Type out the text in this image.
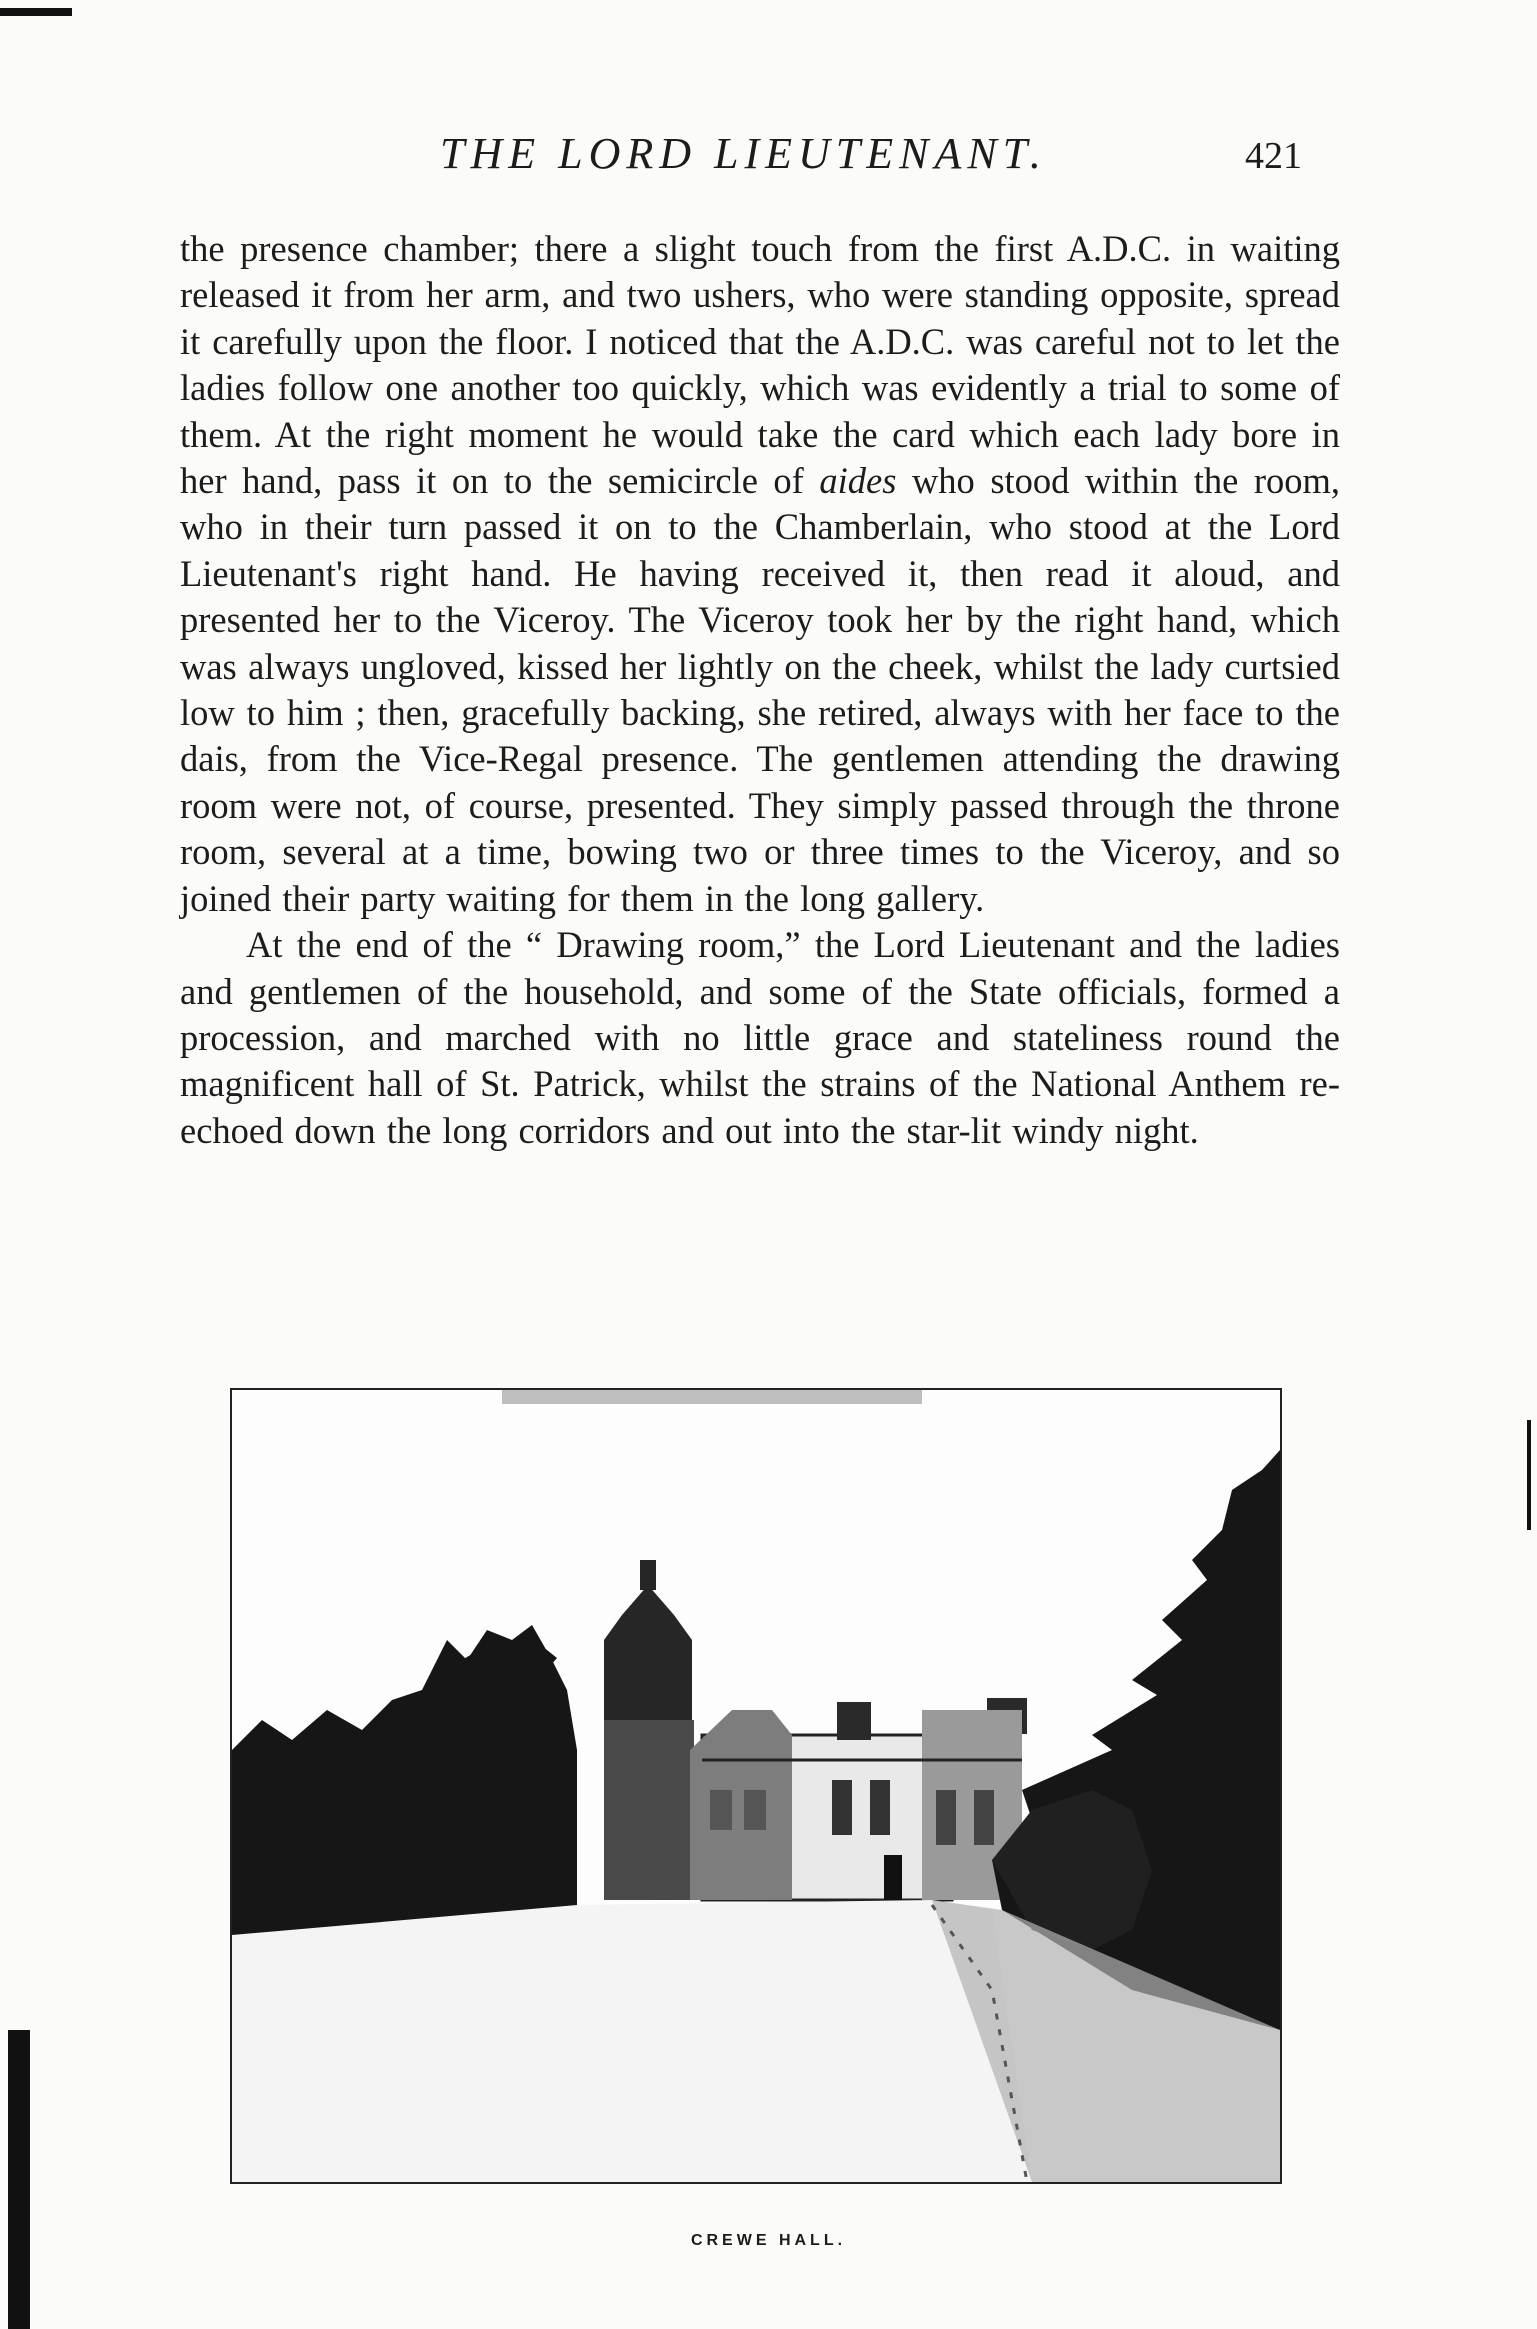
THE LORD LIEUTENANT.	421

the presence chamber; there a slight touch from the first A.D.C. in waiting released it from her arm, and two ushers, who were standing opposite, spread it carefully upon the floor. I noticed that the A.D.C. was careful not to let the ladies follow one another too quickly, which was evidently a trial to some of them. At the right moment he would take the card which each lady bore in her hand, pass it on to the semicircle of aides who stood within the room, who in their turn passed it on to the Chamberlain, who stood at the Lord Lieutenant's right hand. He having received it, then read it aloud, and presented her to the Viceroy. The Viceroy took her by the right hand, which was always ungloved, kissed her lightly on the cheek, whilst the lady curtsied low to him ; then, gracefully backing, she retired, always with her face to the dais, from the Vice-Regal presence. The gentlemen attending the drawing room were not, of course, presented. They simply passed through the throne room, several at a time, bowing two or three times to the Viceroy, and so joined their party waiting for them in the long gallery.

At the end of the “ Drawing room,” the Lord Lieutenant and the ladies and gentlemen of the household, and some of the State officials, formed a procession, and marched with no little grace and stateliness round the magnificent hall of St. Patrick, whilst the strains of the National Anthem re-echoed down the long corridors and out into the star-lit windy night.

CREWE HALL.
